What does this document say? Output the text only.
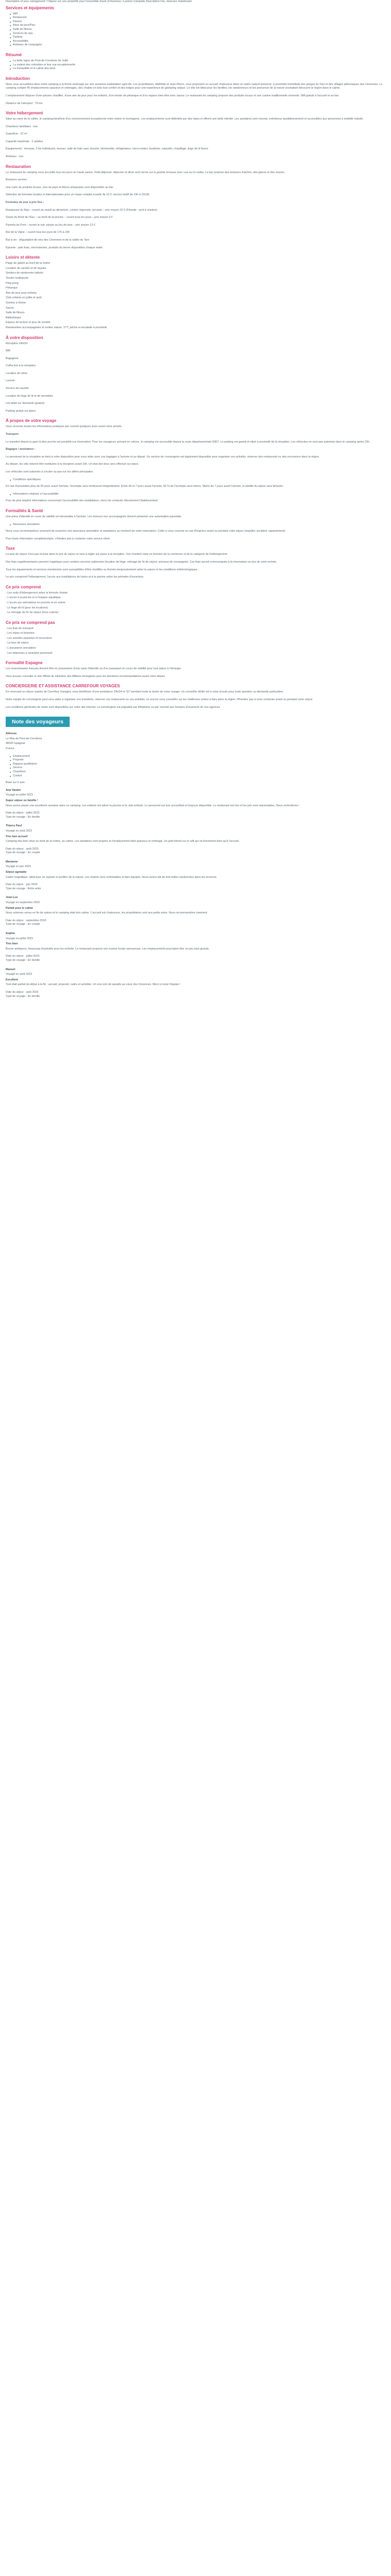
Description of your campground / Cliquez sur une propriété pour l'ensemble d'avis (Cévennes / Lozère) Campsite Description Oui, réservez maintenant

Services et équipements
Wifi
Restaurant
Piscine
Aires de jeux/Parc
Salle de fitness
Services de spa
Parking
Accessibilité
Animaux de compagnie
Résumé
La belle vigne de Pont-de-Cervières de Juillé
La sudest des colombes et leur vue exceptionnelle
La tranquillité et le calme des lieux
Introduction

Nous vous accueillons dans notre camping à la ferme aménagé sur une ancienne exploitation agricole. Les propriétaires, Mathilde et Jean-Pierre, vous proposent un accueil chaleureux dans un cadre naturel préservé, à proximité immédiate des gorges du Tarn et des villages pittoresques des Cévennes. Le camping compte 45 emplacements spacieux et ombragés, des chalets en bois tout confort et des lodges pour une expérience de glamping unique. Le site est idéal pour les familles, les randonneurs et les amoureux de la nature souhaitant découvrir la région dans le calme.

L'emplacement dispose d'une piscine chauffée, d'une aire de jeux pour les enfants, d'un terrain de pétanque et d'un espace bien-être avec sauna. Le restaurant du camping propose des produits locaux et une cuisine traditionnelle cévenole. Wifi gratuit à l'accueil et au bar.

Distance de l'aéroport : 76 km

Votre hébergement

Situé au cœur de la vallée, le camping bénéficie d'un environnement exceptionnel entre rivière et montagnes. Les emplacements sont délimités par des haies et offrent une belle intimité. Les sanitaires sont récents, entretenus quotidiennement et accessibles aux personnes à mobilité réduite.

Chambres familiales : non

Superficie : 22 m²

Capacité maximale : 2 adultes

Équipements : terrasse, 2 lits individuels, bureau, salle de bain avec douche, kitchenette, réfrigérateur, micro-ondes, bouilloire, vaisselle, chauffage, linge de lit fourni.

Animaux : non

Restauration

Le restaurant du camping vous accueille tous les jours en haute saison. Petit-déjeuner, déjeuner et dîner sont servis sur la grande terrasse avec vue sur la vallée. Le bar propose des boissons fraîches, des glaces et des snacks.

Boissons servies :

Une carte de produits locaux, vins de pays et bières artisanales sont disponibles au bar.

Sélection de formules locales et internationales pour un repas complet à partir de 15 €, service tardif de 19h à 21h30.

Formules du jour à prix fixe :

Restaurant du Mas – ouvert du mardi au dimanche, cuisine régionale, terrasse – prix moyen 22 € (Période : avril à octobre)

Snack du Bord de l'Eau – au bord de la piscine – ouvert tous les jours – prix moyen 9 €

Pizzeria du Pont – ouvert le soir, pizzas au feu de bois – prix moyen 12 €

Bar de la Vigne – ouvert tous les jours de 17h à 23h

Bar à vin : dégustation de vins des Cévennes et de la vallée du Tarn

Épicerie : pain frais, viennoiseries, produits du terroir disponibles chaque matin

Loisirs et détente

Plage de galets au bord de la rivière

Location de canoës et de kayaks

Sentiers de randonnée balisés

Terrain multisports

Ping-pong

Pétanque

Aire de jeux pour enfants

Club enfants en juillet et août

Soirées à thème

Sauna

Salle de fitness

Bibliothèque

Espace de lecture et jeux de société

Randonnées accompagnées et sorties nature, VTT, pêche et escalade à proximité.

À votre disposition

Réception 24h/24

Wifi

Bagagerie

Coffre-fort à la réception

Location de vélos

Laverie

Service de navette

Location de linge de lit et de serviettes

Lits bébé sur demande (gratuit)

Parking gratuit sur place

À propos de votre voyage

Vous recevrez toutes les informations pratiques par courriel quelques jours avant votre arrivée.

Transport

Le transfert depuis la gare la plus proche est possible sur réservation. Pour les voyageurs arrivant en voiture, le camping est accessible depuis la route départementale D907. Le parking est gratuit et situé à proximité de la réception. Les véhicules ne sont pas autorisés dans le camping après 23h.

Bagages / assistance :

Le personnel de la réception se tient à votre disposition pour vous aider avec vos bagages à l'arrivée et au départ. Un service de conciergerie est également disponible pour organiser vos activités, réserver des restaurants ou des excursions dans la région.

Au départ, les clés doivent être restituées à la réception avant 10h. Un état des lieux sera effectué sur place.

Les véhicules sont autorisés à circuler au pas sur les allées principales.

Conditions spécifiques

En cas d'annulation plus de 30 jours avant l'arrivée, l'acompte sera remboursé intégralement. Entre 30 et 7 jours avant l'arrivée, 50 % de l'acompte sera retenu. Moins de 7 jours avant l'arrivée, la totalité du séjour sera facturée.

Informations relatives à l'accessibilité

Pour de plus amples informations concernant l'accessibilité des installations, merci de contacter directement l'établissement.

Formalités & Santé

Une pièce d'identité en cours de validité est demandée à l'arrivée. Les mineurs non accompagnés doivent présenter une autorisation parentale.

Assurance annulation

Nous vous recommandons vivement de souscrire une assurance annulation et assistance au moment de votre réservation. Celle-ci vous couvrira en cas d'imprévu avant ou pendant votre séjour (maladie, accident, rapatriement).

Pour toute information complémentaire, n'hésitez pas à contacter notre service client.

Taxe

La taxe de séjour n'est pas incluse dans le prix du séjour et sera à régler sur place à la réception. Son montant varie en fonction de la commune et de la catégorie de l'hébergement.

Des frais supplémentaires peuvent s'appliquer pour certains services optionnels (location de linge, ménage de fin de séjour, animaux de compagnie). Ces frais seront communiqués à la réservation ou lors de votre arrivée.

Tous les équipements et services mentionnés sont susceptibles d'être modifiés ou fermés temporairement selon la saison et les conditions météorologiques.

Le prix comprend l'hébergement, l'accès aux installations de loisirs et à la piscine selon les périodes d'ouverture.

Ce prix comprend

- Les nuits d'hébergement selon la formule choisie

- L'accès à la piscine et à l'espace aquatique

- L'accès aux animations en journée et en soirée

- Le linge de lit (pour les locations)

- Le ménage de fin de séjour (hors cuisine)

Ce prix ne comprend pas

- Les frais de transport

- Les repas et boissons

- Les activités payantes et excursions

- La taxe de séjour

- L'assurance annulation

- Les dépenses à caractère personnel

Formalité Espagne

Les ressortissants français doivent être en possession d'une carte d'identité ou d'un passeport en cours de validité pour tout séjour à l'étranger.

Vous pouvez consulter le site officiel du ministère des Affaires étrangères pour les dernières recommandations avant votre départ.

CONCIERGERIE ET ASSISTANCE CARREFOUR VOYAGES

En réservant un séjour auprès de Carrefour Voyages, vous bénéficiez d'une assistance 24h/24 et 7j/7 pendant toute la durée de votre voyage. Un conseiller dédié est à votre écoute pour toute question ou demande particulière.

Notre équipe de conciergerie peut vous aider à organiser vos transferts, réserver vos restaurants ou vos activités, ou encore vous conseiller sur les meilleures visites à faire dans la région. N'hésitez pas à nous contacter avant ou pendant votre séjour.

Les conditions générales de vente sont disponibles sur notre site internet. La conciergerie est joignable par téléphone ou par courriel aux horaires d'ouverture de nos agences.

Note des voyageurs

Adresse

Le Mas de Pont-de-Cervières

48320 Ispagnac

France

Emplacement
Propreté
Rapport qualité/prix
Service
Chambres
Confort

Basé sur 6 avis

Ana Vander

Voyagé en juillet 2023

Super séjour en famille !

Nous avons passé une excellente semaine dans ce camping. Les enfants ont adoré la piscine et le club enfants. Le personnel est très accueillant et toujours disponible. Le restaurant est bon et les prix sont raisonnables. Nous reviendrons !

Date du séjour : juillet 2023

Type de voyage : En famille

Thierry Paul

Voyagé en août 2023

Très bon accueil

Camping très bien situé au bord de la rivière, au calme. Les sanitaires sont propres et l'emplacement était spacieux et ombragé. Un petit bémol sur le wifi qui ne fonctionne bien qu'à l'accueil.

Date du séjour : août 2023

Type de voyage : En couple

Marianne

Voyagé en juin 2023

Séjour agréable

Cadre magnifique, idéal pour se reposer et profiter de la nature. Les chalets sont confortables et bien équipés. Nous avons fait de très belles randonnées dans les environs.

Date du séjour : juin 2023

Type de voyage : Entre amis

Jean-Luc

Voyagé en septembre 2023

Parfait pour le calme

Nous sommes venus en fin de saison et le camping était très calme. L'accueil est chaleureux, les propriétaires sont aux petits soins. Nous recommandons vivement.

Date du séjour : septembre 2023

Type de voyage : En couple

Sophie

Voyagé en juillet 2023

Très bien

Bonne ambiance, beaucoup d'activités pour les enfants. Le restaurant propose une cuisine locale savoureuse. Les emplacements pourraient être un peu plus grands.

Date du séjour : juillet 2023

Type de voyage : En famille

Manuel

Voyagé en août 2023

Excellent

Tout était parfait du début à la fin : accueil, propreté, cadre et activités. Un vrai coin de paradis au cœur des Cévennes. Merci à toute l'équipe !

Date du séjour : août 2023

Type de voyage : En famille
